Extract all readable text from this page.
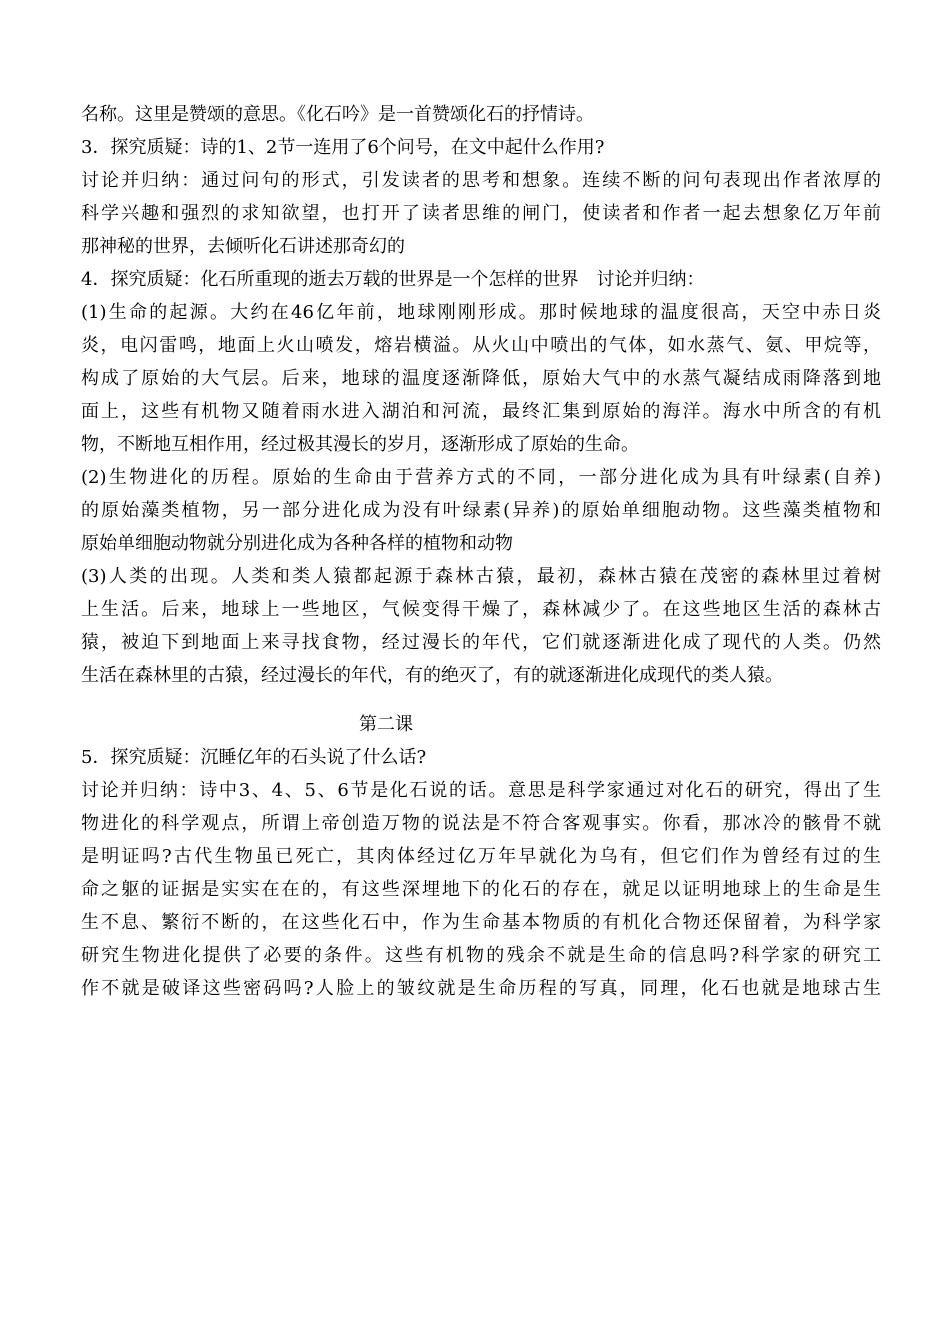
名称。这里是赞颂的意思。《化石吟》是一首赞颂化石的抒情诗。
3．探究质疑：诗的1、2节一连用了6个问号，在文中起什么作用?
讨论并归纳：通过问句的形式，引发读者的思考和想象。连续不断的问句表现出作者浓厚的
科学兴趣和强烈的求知欲望，也打开了读者思维的闸门，使读者和作者一起去想象亿万年前
那神秘的世界，去倾听化石讲述那奇幻的
4．探究质疑：化石所重现的逝去万载的世界是一个怎样的世界　讨论并归纳：
(1)生命的起源。大约在46亿年前，地球刚刚形成。那时候地球的温度很高，天空中赤日炎
炎，电闪雷鸣，地面上火山喷发，熔岩横溢。从火山中喷出的气体，如水蒸气、氨、甲烷等，
构成了原始的大气层。后来，地球的温度逐渐降低，原始大气中的水蒸气凝结成雨降落到地
面上，这些有机物又随着雨水进入湖泊和河流，最终汇集到原始的海洋。海水中所含的有机
物，不断地互相作用，经过极其漫长的岁月，逐渐形成了原始的生命。
(2)生物进化的历程。原始的生命由于营养方式的不同，一部分进化成为具有叶绿素(自养)
的原始藻类植物，另一部分进化成为没有叶绿素(异养)的原始单细胞动物。这些藻类植物和
原始单细胞动物就分别进化成为各种各样的植物和动物
(3)人类的出现。人类和类人猿都起源于森林古猿，最初，森林古猿在茂密的森林里过着树
上生活。后来，地球上一些地区，气候变得干燥了，森林减少了。在这些地区生活的森林古
猿，被迫下到地面上来寻找食物，经过漫长的年代，它们就逐渐进化成了现代的人类。仍然
生活在森林里的古猿，经过漫长的年代，有的绝灭了，有的就逐渐进化成现代的类人猿。
第二课
5．探究质疑：沉睡亿年的石头说了什么话?
讨论并归纳：诗中3、4、5、6节是化石说的话。意思是科学家通过对化石的研究，得出了生
物进化的科学观点，所谓上帝创造万物的说法是不符合客观事实。你看，那冰冷的骸骨不就
是明证吗?古代生物虽已死亡，其肉体经过亿万年早就化为乌有，但它们作为曾经有过的生
命之躯的证据是实实在在的，有这些深埋地下的化石的存在，就足以证明地球上的生命是生
生不息、繁衍不断的，在这些化石中，作为生命基本物质的有机化合物还保留着，为科学家
研究生物进化提供了必要的条件。这些有机物的残余不就是生命的信息吗?科学家的研究工
作不就是破译这些密码吗?人脸上的皱纹就是生命历程的写真，同理，化石也就是地球古生
